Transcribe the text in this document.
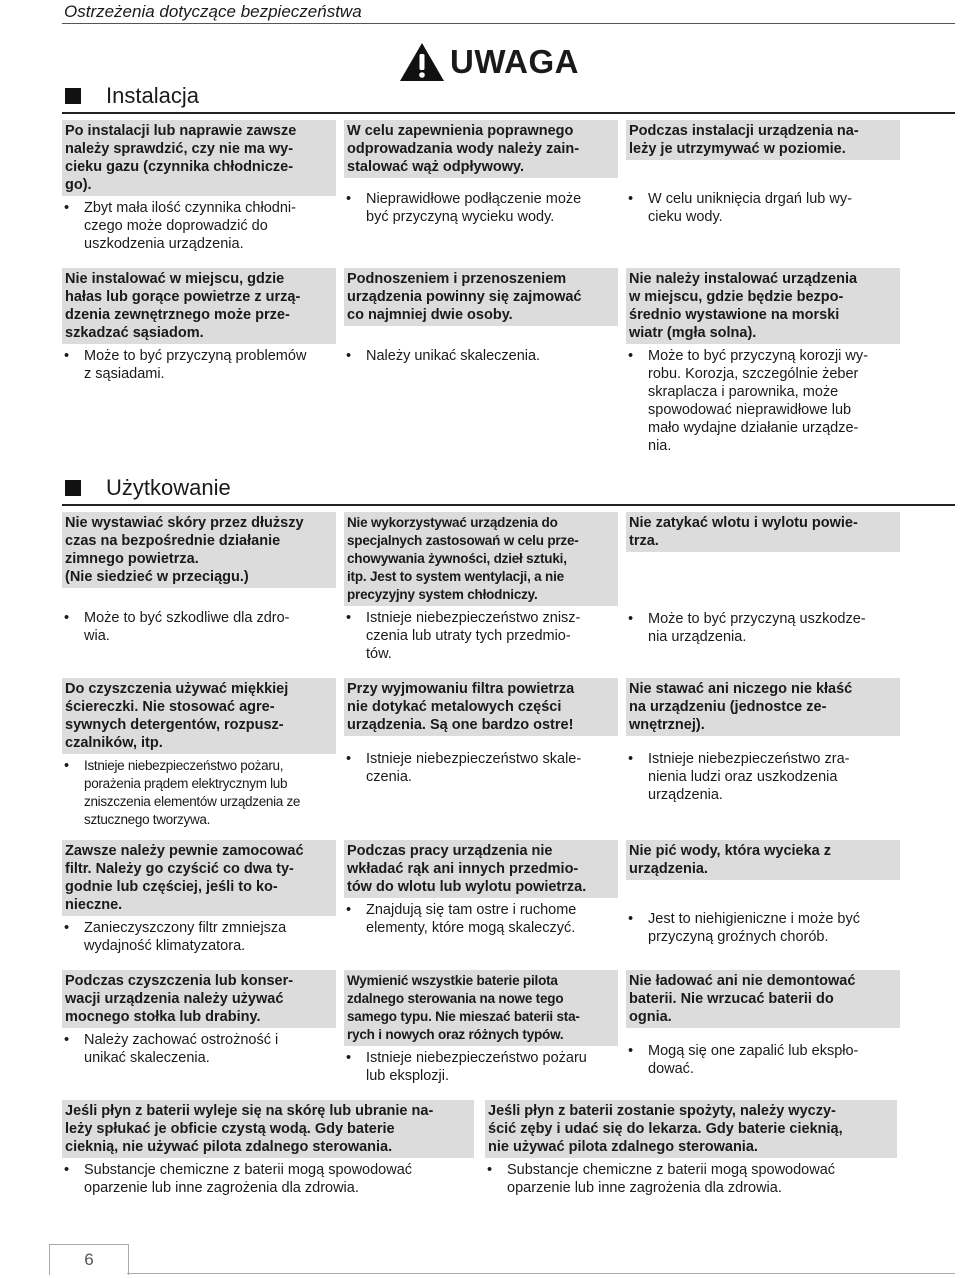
Ostrzeżenia dotyczące bezpieczeństwa
UWAGA
Instalacja
Po instalacji lub naprawie zawsze
należy sprawdzić, czy nie ma wy-
cieku gazu (czynnika chłodnicze-
go).
•
Zbyt mała ilość czynnika chłodni-
czego może doprowadzić do
uszkodzenia urządzenia.
W celu zapewnienia poprawnego
odprowadzania wody należy zain-
stalować wąż odpływowy.
•
Nieprawidłowe podłączenie może
być przyczyną wycieku wody.
Podczas instalacji urządzenia na-
leży je utrzymywać w poziomie.
•
W celu uniknięcia drgań lub wy-
cieku wody.
Nie instalować w miejscu, gdzie
hałas lub gorące powietrze z urzą-
dzenia zewnętrznego może prze-
szkadzać sąsiadom.
•
Może to być przyczyną problemów
z sąsiadami.
Podnoszeniem i przenoszeniem
urządzenia powinny się zajmować
co najmniej dwie osoby.
•
Należy unikać skaleczenia.
Nie należy instalować urządzenia
w miejscu, gdzie będzie bezpo-
średnio wystawione na morski
wiatr (mgła solna).
•
Może to być przyczyną korozji wy-
robu. Korozja, szczególnie żeber
skraplacza i parownika, może
spowodować nieprawidłowe lub
mało wydajne działanie urządze-
nia.
Użytkowanie
Nie wystawiać skóry przez dłuższy
czas na bezpośrednie działanie
zimnego powietrza.
(Nie siedzieć w przeciągu.)
•
Może to być szkodliwe dla zdro-
wia.
Nie wykorzystywać urządzenia do
specjalnych zastosowań w celu prze-
chowywania żywności, dzieł sztuki,
itp. Jest to system wentylacji, a nie
precyzyjny system chłodniczy.
•
Istnieje niebezpieczeństwo znisz-
czenia lub utraty tych przedmio-
tów.
Nie zatykać wlotu i wylotu powie-
trza.
•
Może to być przyczyną uszkodze-
nia urządzenia.
Do czyszczenia używać miękkiej
ściereczki. Nie stosować agre-
sywnych detergentów, rozpusz-
czalników, itp.
•
Istnieje niebezpieczeństwo pożaru,
porażenia prądem elektrycznym lub
zniszczenia elementów urządzenia ze
sztucznego tworzywa.
Przy wyjmowaniu filtra powietrza
nie dotykać metalowych części
urządzenia. Są one bardzo ostre!
•
Istnieje niebezpieczeństwo skale-
czenia.
Nie stawać ani niczego nie kłaść
na urządzeniu (jednostce ze-
wnętrznej).
•
Istnieje niebezpieczeństwo zra-
nienia ludzi oraz uszkodzenia
urządzenia.
Zawsze należy pewnie zamocować
filtr. Należy go czyścić co dwa ty-
godnie lub częściej, jeśli to ko-
nieczne.
•
Zanieczyszczony filtr zmniejsza
wydajność klimatyzatora.
Podczas pracy urządzenia nie
wkładać rąk ani innych przedmio-
tów do wlotu lub wylotu powietrza.
•
Znajdują się tam ostre i ruchome
elementy, które mogą skaleczyć.
Nie pić wody, która wycieka z
urządzenia.
•
Jest to niehigieniczne i może być
przyczyną groźnych chorób.
Podczas czyszczenia lub konser-
wacji urządzenia należy używać
mocnego stołka lub drabiny.
•
Należy zachować ostrożność i
unikać skaleczenia.
Wymienić wszystkie baterie pilota
zdalnego sterowania na nowe tego
samego typu. Nie mieszać baterii sta-
rych i nowych oraz różnych typów.
•
Istnieje niebezpieczeństwo pożaru
lub eksplozji.
Nie ładować ani nie demontować
baterii. Nie wrzucać baterii do
ognia.
•
Mogą się one zapalić lub ekspło-
dować.
Jeśli płyn z baterii wyleje się na skórę lub ubranie na-
leży spłukać je obficie czystą wodą. Gdy baterie
cieknią, nie używać pilota zdalnego sterowania.
•
Substancje chemiczne z baterii mogą spowodować
oparzenie lub inne zagrożenia dla zdrowia.
Jeśli płyn z baterii zostanie spożyty, należy wyczy-
ścić zęby i udać się do lekarza. Gdy baterie cieknią,
nie używać pilota zdalnego sterowania.
•
Substancje chemiczne z baterii mogą spowodować
oparzenie lub inne zagrożenia dla zdrowia.
6
